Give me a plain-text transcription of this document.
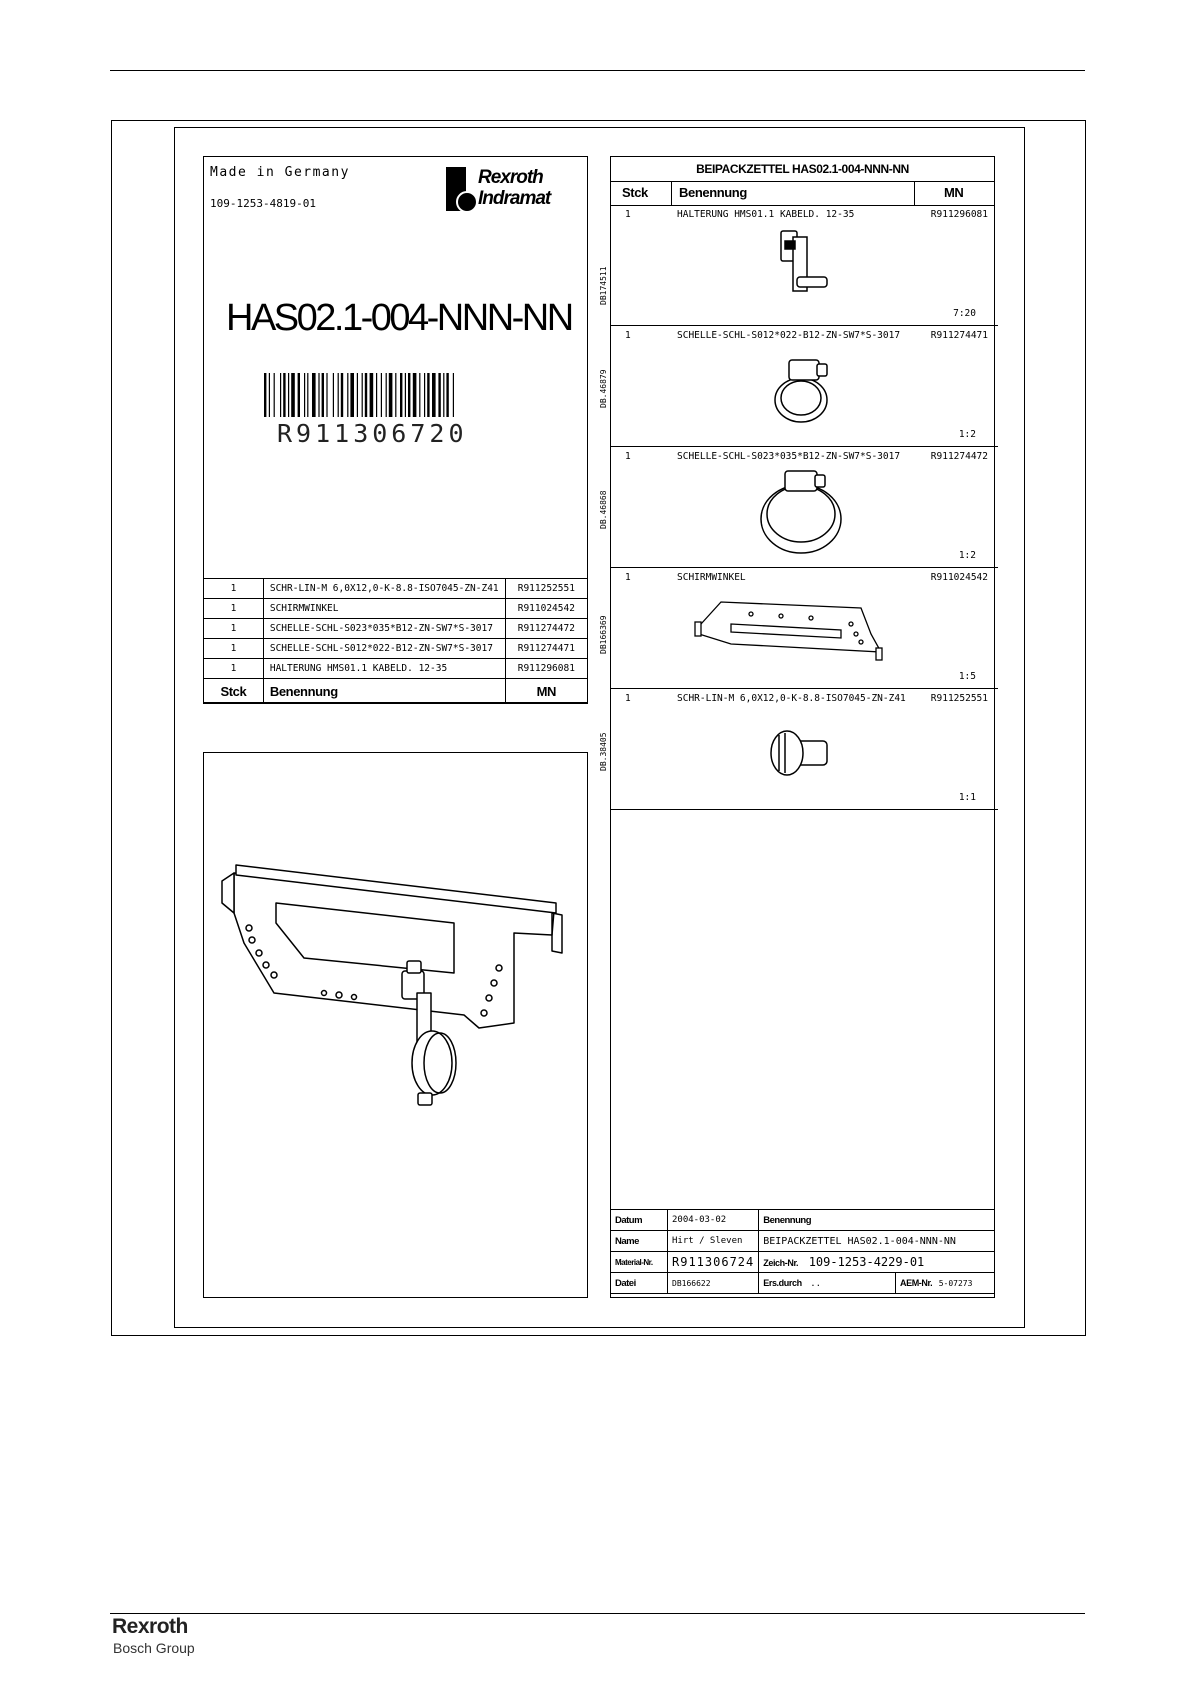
Made in Germany
109-1253-4819-01
Rexroth
Indramat
HAS02.1-004-NNN-NN
R911306720
1	SCHR-LIN-M 6,0X12,0-K-8.8-ISO7045-ZN-Z41	R911252551
1	SCHIRMWINKEL	R911024542
1	SCHELLE-SCHL-S023*035*B12-ZN-SW7*S-3017	R911274472
1	SCHELLE-SCHL-S012*022-B12-ZN-SW7*S-3017	R911274471
1	HALTERUNG HMS01.1 KABELD. 12-35	R911296081
Stck	Benennung	MN
BEIPACKZETTEL HAS02.1-004-NNN-NN
Stck Benennung	MN
1	HALTERUNG HMS01.1 KABELD. 12-35	R911296081
7:20
DB174511
1	SCHELLE-SCHL-S012*022-B12-ZN-SW7*S-3017	R911274471
1:2
DB.46879
1	SCHELLE-SCHL-S023*035*B12-ZN-SW7*S-3017	R911274472
1:2
DB.46868
1	SCHIRMWINKEL	R911024542
1:5
DB166369
1	SCHR-LIN-M 6,0X12,0-K-8.8-ISO7045-ZN-Z41	R911252551
1:1
DB.38405
Datum	2004-03-02	Benennung	
Name	Hirt / Sleven	BEIPACKZETTEL HAS02.1-004-NNN-NN	
Material-Nr.	R911306724	Zeich-Nr. 109-1253-4229-01	
Datei	DB166622	Ers.durch ..	AEM-Nr. 5-07273
Rexroth
Bosch Group
